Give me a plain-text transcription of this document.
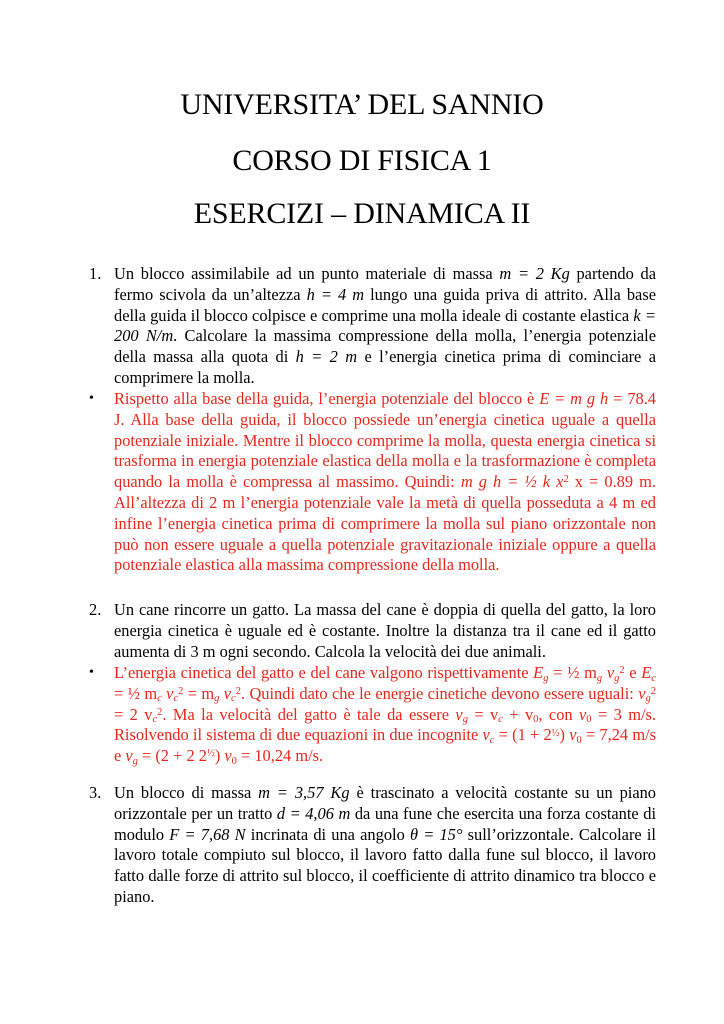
UNIVERSITA’ DEL SANNIO
CORSO DI FISICA 1
ESERCIZI – DINAMICA II
1. Un blocco assimilabile ad un punto materiale di massa m = 2 Kg partendo da fermo scivola da un’altezza h = 4 m lungo una guida priva di attrito. Alla base della guida il blocco colpisce e comprime una molla ideale di costante elastica k = 200 N/m. Calcolare la massima compressione della molla, l’energia potenziale della massa alla quota di h = 2 m e l’energia cinetica prima di cominciare a comprimere la molla.
• Rispetto alla base della guida, l’energia potenziale del blocco è E = m g h = 78.4 J. Alla base della guida, il blocco possiede un’energia cinetica uguale a quella potenziale iniziale. Mentre il blocco comprime la molla, questa energia cinetica si trasforma in energia potenziale elastica della molla e la trasformazione è completa quando la molla è compressa al massimo. Quindi: m g h = ½ k $x^2$ x = 0.89 m. All’altezza di 2 m l’energia potenziale vale la metà di quella posseduta a 4 m ed infine l’energia cinetica prima di comprimere la molla sul piano orizzontale non può non essere uguale a quella potenziale gravitazionale iniziale oppure a quella potenziale elastica alla massima compressione della molla.
2. Un cane rincorre un gatto. La massa del cane è doppia di quella del gatto, la loro energia cinetica è uguale ed è costante. Inoltre la distanza tra il cane ed il gatto aumenta di 3 m ogni secondo. Calcola la velocità dei due animali.
• L’energia cinetica del gatto e del cane valgono rispettivamente $E_g$ = ½ $m_g$ $v_g^2$ e $E_c$ = ½ $m_c$ $v_c^2 = m_g$ $v_c^2$. Quindi dato che le energie cinetiche devono essere uguali: $v_g^2 = 2$ $v_c^2$. Ma la velocità del gatto è tale da essere $v_g = v_c + v_0$, con $v_0 = 3$ m/s. Risolvendo il sistema di due equazioni in due incognite $v_c = (1 + 2^{\frac{1}{2}}) v_0 = 7,24$ m/s e $v_g = (2 + 2$ $2^{\frac{1}{2}}$) $v_0 = 10,24$ m/s.
3. Un blocco di massa m = 3,57 Kg è trascinato a velocità costante su un piano orizzontale per un tratto d = 4,06 m da una fune che esercita una forza costante di modulo F = 7,68 N incrinata di una angolo θ = 15° sull’orizzontale. Calcolare il lavoro totale compiuto sul blocco, il lavoro fatto dalla fune sul blocco, il lavoro fatto dalle forze di attrito sul blocco, il coefficiente di attrito dinamico tra blocco e piano.
